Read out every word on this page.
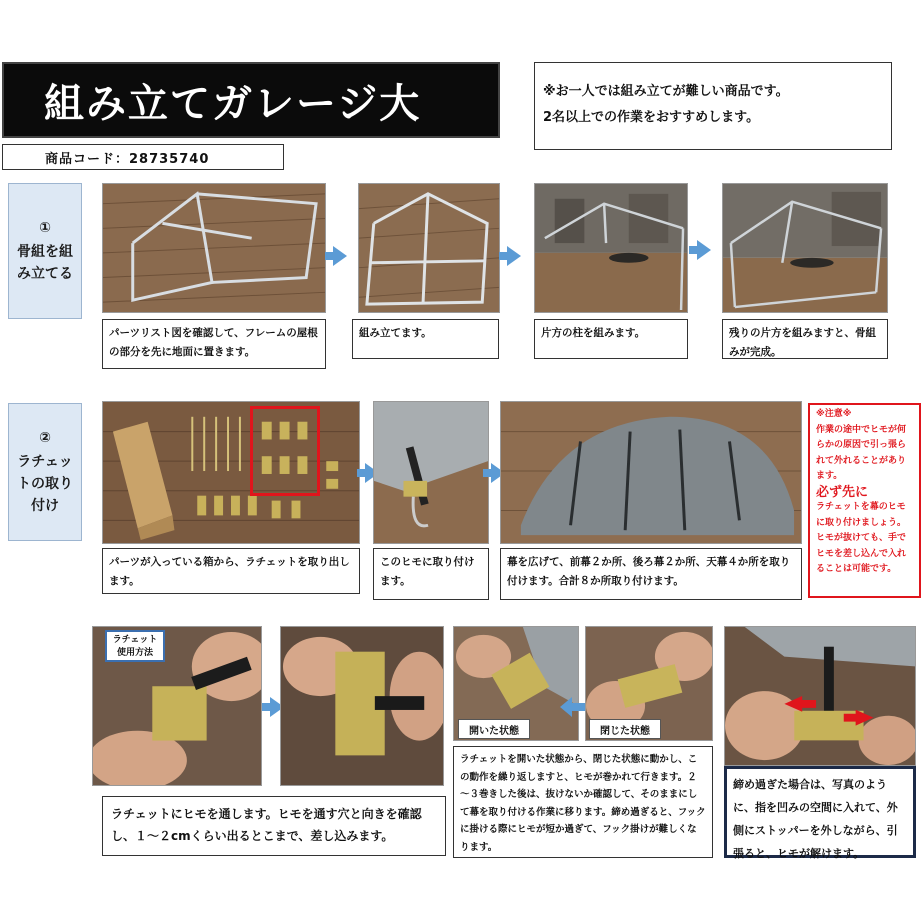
組み立てガレージ大
商品コード：28735740
※お一人では組み立てが難しい商品です。
2名以上での作業をおすすめします。
①
骨組を組
み立てる
パーツリスト図を確認して、フレームの屋根の部分を先に地面に置きます。
組み立てます。	片方の柱を組みます。	残りの片方を組みますと、骨組みが完成。
②
ラチェッ
トの取り
付け
パーツが入っている箱から、ラチェットを取り出します。
このヒモに取り付けます。
幕を広げて、前幕２か所、後ろ幕２か所、天幕４か所を取り付けます。合計８か所取り付けます。
※注意※
作業の途中でヒモが何らかの原因で引っ張られて外れることがあります。
必ず先に
ラチェットを幕のヒモに取り付けましょう。
ヒモが抜けても、手でヒモを差し込んで入れることは可能です。
ラチェット
使用方法
開いた状態	閉じた状態
ラチェットにヒモを通します。ヒモを通す穴と向きを確認し、１～２cmくらい出るとこまで、差し込みます。
ラチェットを開いた状態から、閉じた状態に動かし、この動作を繰り返しますと、ヒモが巻かれて行きます。２～３巻きした後は、抜けないか確認して、そのままにして幕を取り付ける作業に移ります。締め過ぎると、フックに掛ける際にヒモが短か過ぎて、フック掛けが難しくなります。
締め過ぎた場合は、写真のように、指を凹みの空間に入れて、外側にストッパーを外しながら、引張ると、ヒモが解けます。
